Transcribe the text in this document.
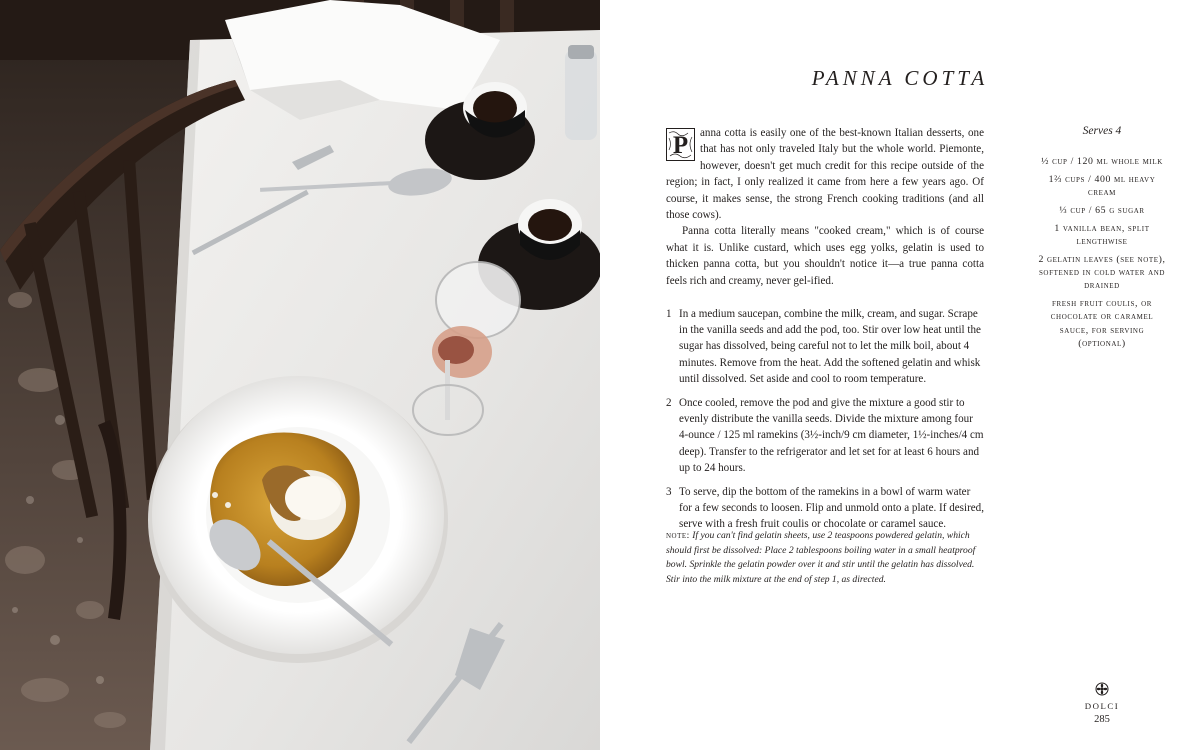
PANNA COTTA

P anna cotta is easily one of the best-known Italian desserts, one that has not only traveled Italy but the whole world. Piemonte, however, doesn't get much credit for this recipe outside of the region; in fact, I only realized it came from here a few years ago. Of course, it makes sense, the strong French cooking traditions (and all those cows).

Panna cotta literally means "cooked cream," which is of course what it is. Unlike custard, which uses egg yolks, gelatin is used to thicken panna cotta, but you shouldn't notice it—a true panna cotta feels rich and creamy, never gel-ified.

1 In a medium saucepan, combine the milk, cream, and sugar. Scrape in the vanilla seeds and add the pod, too. Stir over low heat until the sugar has dissolved, being careful not to let the milk boil, about 4 minutes. Remove from the heat. Add the softened gelatin and whisk until dissolved. Set aside and cool to room temperature.
2 Once cooled, remove the pod and give the mixture a good stir to evenly distribute the vanilla seeds. Divide the mixture among four 4-ounce / 125 ml ramekins (3½-inch/9 cm diameter, 1½-inches/4 cm deep). Transfer to the refrigerator and let set for at least 6 hours and up to 24 hours.
3 To serve, dip the bottom of the ramekins in a bowl of warm water for a few seconds to loosen. Flip and unmold onto a plate. If desired, serve with a fresh fruit coulis or chocolate or caramel sauce.
note: If you can't find gelatin sheets, use 2 teaspoons powdered gelatin, which should first be dissolved: Place 2 tablespoons boiling water in a small heatproof bowl. Sprinkle the gelatin powder over it and stir until the gelatin has dissolved. Stir into the milk mixture at the end of step 1, as directed.
Serves 4
½ cup / 120 ml whole milk
1⅔ cups / 400 ml heavy cream
⅓ cup / 65 g sugar
1 vanilla bean, split lengthwise
2 gelatin leaves (see note), softened in cold water and drained
fresh fruit coulis, or chocolate or caramel sauce, for serving (optional)
DOLCI
285
